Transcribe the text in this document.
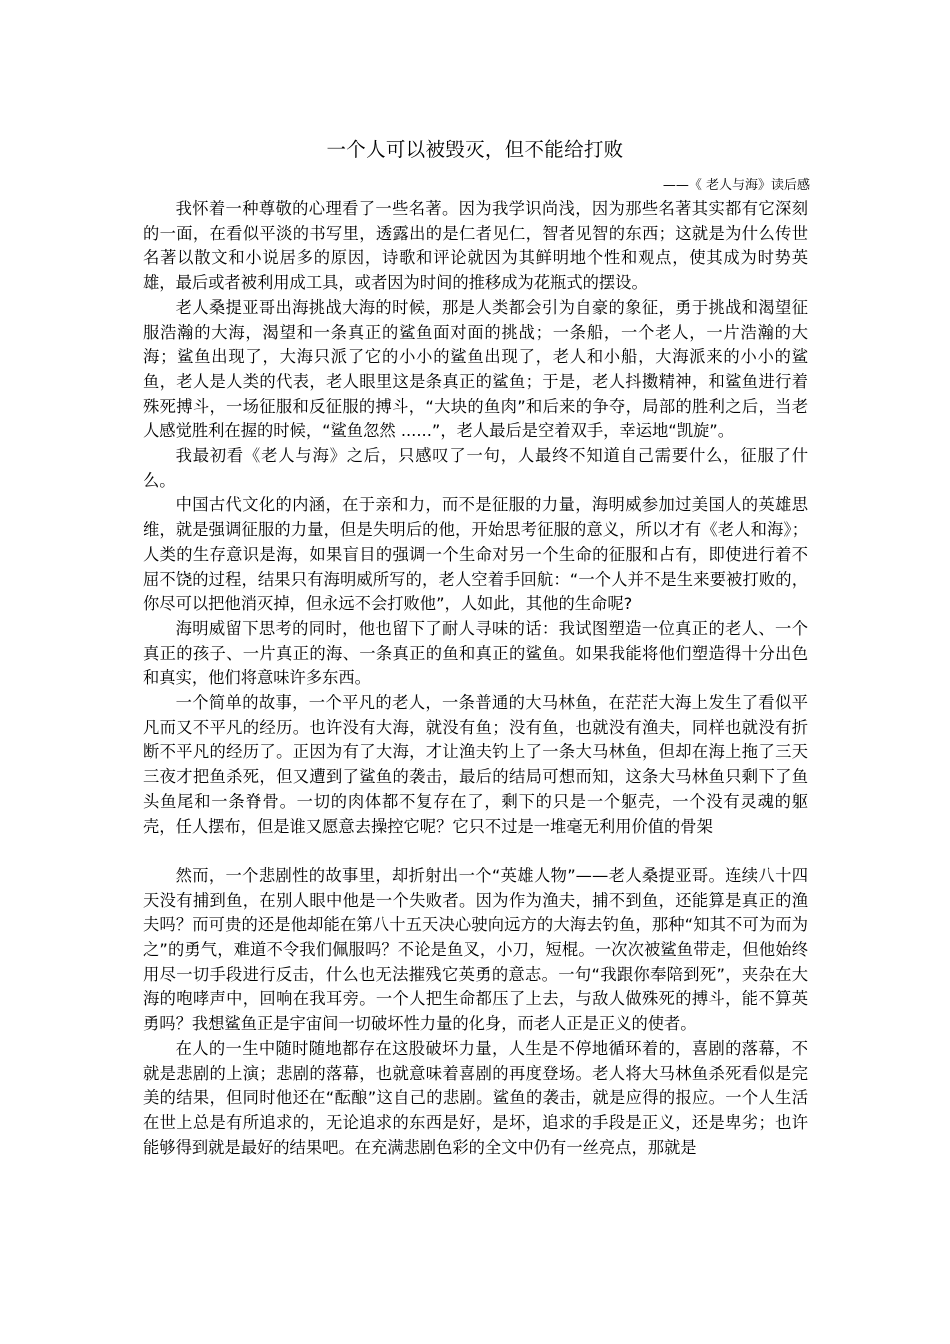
一个人可以被毁灭，但不能给打败
——《 老人与海》读后感

我怀着一种尊敬的心理看了一些名著。因为我学识尚浅，因为那些名著其实都有它深刻的一面，在看似平淡的书写里，透露出的是仁者见仁，智者见智的东西；这就是为什么传世名著以散文和小说居多的原因，诗歌和评论就因为其鲜明地个性和观点，使其成为时势英雄，最后或者被利用成工具，或者因为时间的推移成为花瓶式的摆设。

老人桑提亚哥出海挑战大海的时候，那是人类都会引为自豪的象征，勇于挑战和渴望征服浩瀚的大海，渴望和一条真正的鲨鱼面对面的挑战；一条船，一个老人，一片浩瀚的大海；鲨鱼出现了，大海只派了它的小小的鲨鱼出现了，老人和小船，大海派来的小小的鲨鱼，老人是人类的代表，老人眼里这是条真正的鲨鱼；于是，老人抖擞精神，和鲨鱼进行着殊死搏斗，一场征服和反征服的搏斗，“大块的鱼肉”和后来的争夺，局部的胜利之后，当老人感觉胜利在握的时候，“鲨鱼忽然 ......”，老人最后是空着双手，幸运地“凯旋”。

我最初看《老人与海》之后，只感叹了一句，人最终不知道自己需要什么，征服了什么。

中国古代文化的内涵，在于亲和力，而不是征服的力量，海明威参加过美国人的英雄思维，就是强调征服的力量，但是失明后的他，开始思考征服的意义，所以才有《老人和海》；人类的生存意识是海，如果盲目的强调一个生命对另一个生命的征服和占有，即使进行着不屈不饶的过程，结果只有海明威所写的，老人空着手回航：“一个人并不是生来要被打败的，你尽可以把他消灭掉，但永远不会打败他”，人如此，其他的生命呢?

海明威留下思考的同时，他也留下了耐人寻味的话：我试图塑造一位真正的老人、一个真正的孩子、一片真正的海、一条真正的鱼和真正的鲨鱼。如果我能将他们塑造得十分出色和真实，他们将意味许多东西。

一个简单的故事，一个平凡的老人，一条普通的大马林鱼，在茫茫大海上发生了看似平凡而又不平凡的经历。也许没有大海，就没有鱼；没有鱼，也就没有渔夫，同样也就没有折断不平凡的经历了。正因为有了大海，才让渔夫钓上了一条大马林鱼，但却在海上拖了三天三夜才把鱼杀死，但又遭到了鲨鱼的袭击，最后的结局可想而知，这条大马林鱼只剩下了鱼头鱼尾和一条脊骨。一切的肉体都不复存在了，剩下的只是一个躯壳，一个没有灵魂的躯壳，任人摆布，但是谁又愿意去操控它呢？它只不过是一堆毫无利用价值的骨架

然而，一个悲剧性的故事里，却折射出一个“英雄人物”——老人桑提亚哥。连续八十四天没有捕到鱼，在别人眼中他是一个失败者。因为作为渔夫，捕不到鱼，还能算是真正的渔夫吗？而可贵的还是他却能在第八十五天决心驶向远方的大海去钓鱼，那种“知其不可为而为之”的勇气，难道不令我们佩服吗？不论是鱼叉，小刀，短棍。一次次被鲨鱼带走，但他始终用尽一切手段进行反击，什么也无法摧残它英勇的意志。一句“我跟你奉陪到死”，夹杂在大海的咆哮声中，回响在我耳旁。一个人把生命都压了上去，与敌人做殊死的搏斗，能不算英勇吗？我想鲨鱼正是宇宙间一切破坏性力量的化身，而老人正是正义的使者。

在人的一生中随时随地都存在这股破坏力量，人生是不停地循环着的，喜剧的落幕，不就是悲剧的上演；悲剧的落幕，也就意味着喜剧的再度登场。老人将大马林鱼杀死看似是完美的结果，但同时他还在“酝酿”这自己的悲剧。鲨鱼的袭击，就是应得的报应。一个人生活在世上总是有所追求的，无论追求的东西是好，是坏，追求的手段是正义，还是卑劣；也许能够得到就是最好的结果吧。在充满悲剧色彩的全文中仍有一丝亮点，那就是
